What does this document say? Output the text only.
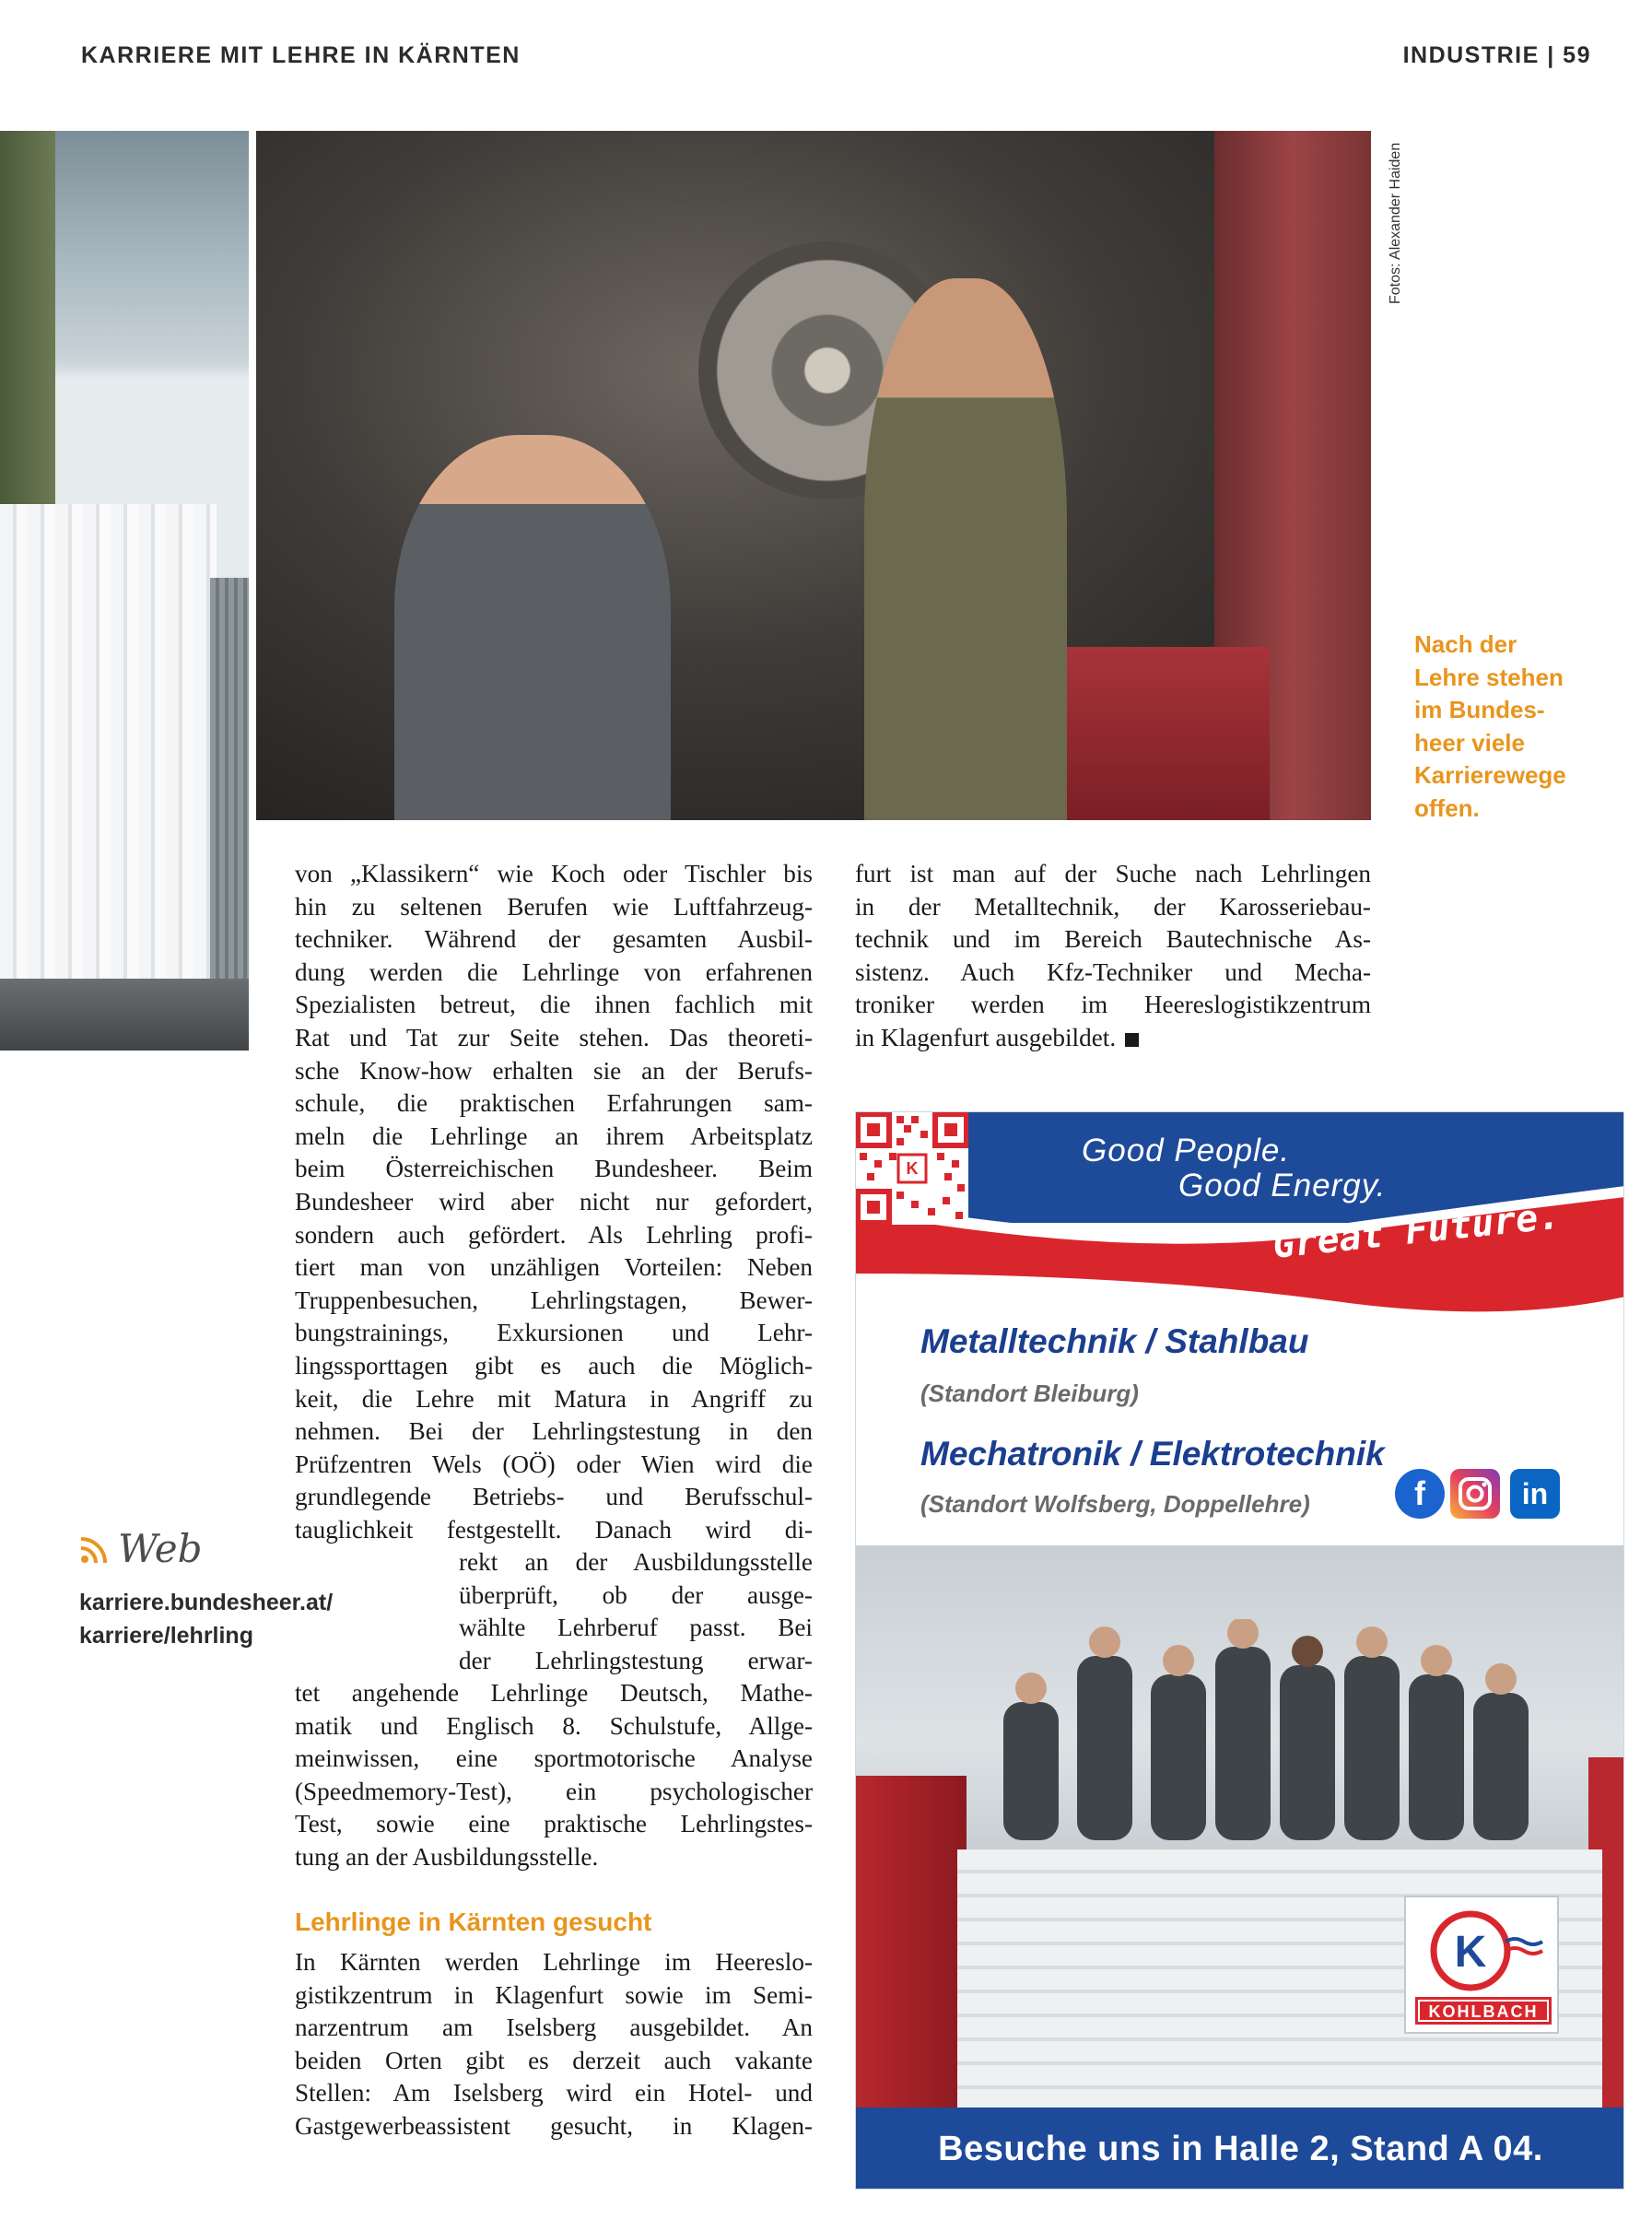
KARRIERE MIT LEHRE IN KÄRNTEN	INDUSTRIE | 59
Fotos: Alexander Haiden
Nach der
Lehre stehen
im Bundes-
heer viele
Karrierewege
offen.
von „Klassikern“ wie Koch oder Tischler bis
hin zu seltenen Berufen wie Luftfahrzeug-
techniker. Während der gesamten Ausbil-
dung werden die Lehrlinge von erfahrenen
Spezialisten betreut, die ihnen fachlich mit
Rat und Tat zur Seite stehen. Das theoreti-
sche Know-how erhalten sie an der Berufs-
schule, die praktischen Erfahrungen sam-
meln die Lehrlinge an ihrem Arbeitsplatz
beim Österreichischen Bundesheer. Beim
Bundesheer wird aber nicht nur gefordert,
sondern auch gefördert. Als Lehrling profi-
tiert man von unzähligen Vorteilen: Neben
Truppenbesuchen, Lehrlingstagen, Bewer-
bungstrainings, Exkursionen und Lehr-
lingssporttagen gibt es auch die Möglich-
keit, die Lehre mit Matura in Angriff zu
nehmen. Bei der Lehrlingstestung in den
Prüfzentren Wels (OÖ) oder Wien wird die
grundlegende Betriebs- und Berufsschul-
tauglichkeit festgestellt. Danach wird di-
rekt an der Ausbildungsstelle
überprüft, ob der ausge-
wählte Lehrberuf passt. Bei
der Lehrlingstestung erwar-
tet angehende Lehrlinge Deutsch, Mathe-
matik und Englisch 8. Schulstufe, Allge-
meinwissen, eine sportmotorische Analyse
(Speedmemory-Test), ein psychologischer
Test, sowie eine praktische Lehrlingstes-
tung an der Ausbildungsstelle.
Lehrlinge in Kärnten gesucht
In Kärnten werden Lehrlinge im Heereslo-
gistikzentrum in Klagenfurt sowie im Semi-
narzentrum am Iselsberg ausgebildet. An
beiden Orten gibt es derzeit auch vakante
Stellen: Am Iselsberg wird ein Hotel- und
Gastgewerbeassistent gesucht, in Klagen-
furt ist man auf der Suche nach Lehrlingen
in der Metalltechnik, der Karosseriebau-
technik und im Bereich Bautechnische As-
sistenz. Auch Kfz-Techniker und Mecha-
troniker werden im Heereslogistikzentrum
in Klagenfurt ausgebildet.
Web
karriere.bundesheer.at/
karriere/lehrling
Good People.
Good Energy.
Great Future.
Metalltechnik / Stahlbau
(Standort Bleiburg)
Mechatronik / Elektrotechnik
(Standort Wolfsberg, Doppellehre)
K
f	in
K
KOHLBACH
Besuche uns in Halle 2, Stand A 04.
